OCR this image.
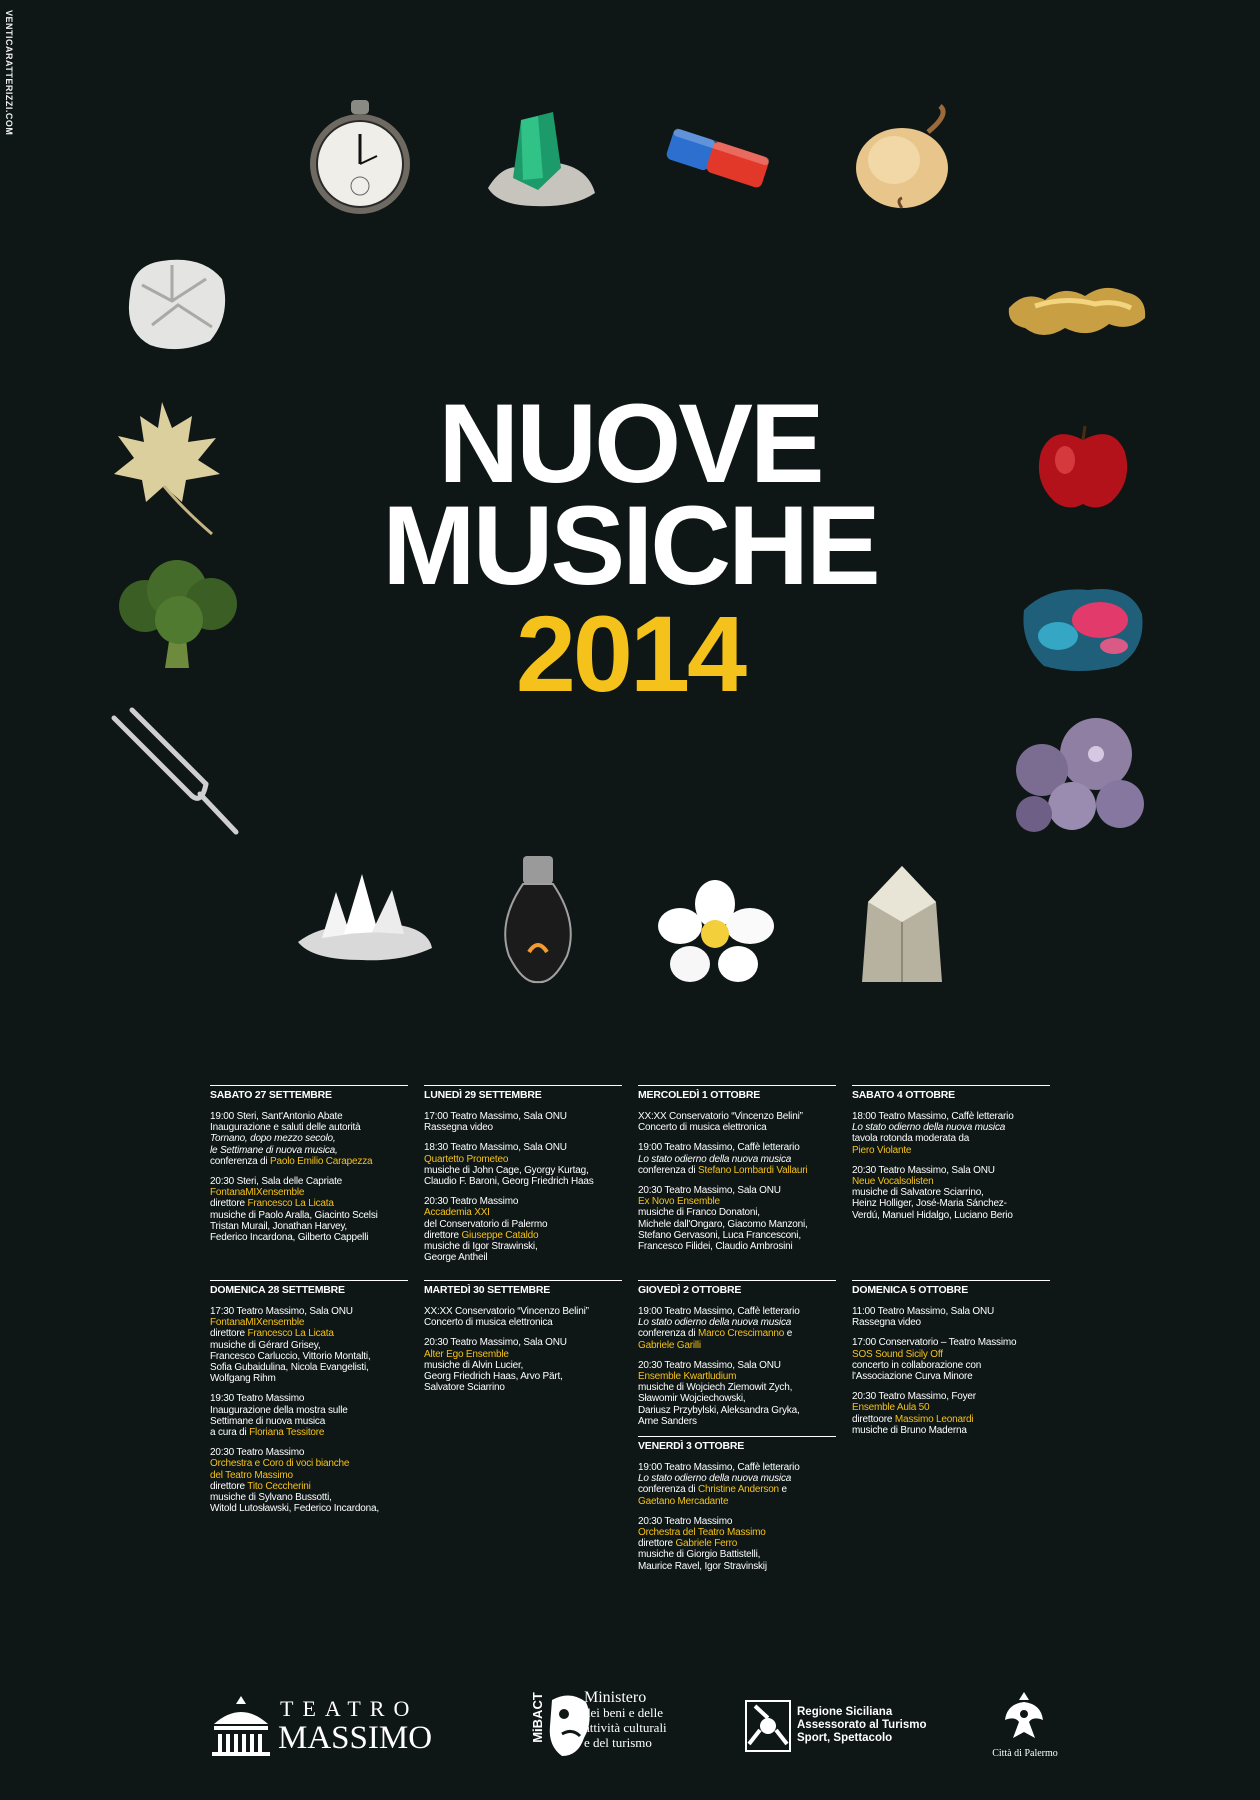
VENTICARATTERIZZI.COM
NUOVE
MUSICHE
2014
SABATO 27 SETTEMBRE
19:00 Steri, Sant'Antonio Abate
Inaugurazione e saluti delle autorità
Tornano, dopo mezzo secolo,
le Settimane di nuova musica,
conferenza di Paolo Emilio Carapezza
20:30 Steri, Sala delle Capriate
FontanaMIXensemble
direttore Francesco La Licata
musiche di Paolo Aralla, Giacinto Scelsi
Tristan Murail, Jonathan Harvey,
Federico Incardona, Gilberto Cappelli
DOMENICA 28 SETTEMBRE
17:30 Teatro Massimo, Sala ONU
FontanaMIXensemble
direttore Francesco La Licata
musiche di Gérard Grisey,
Francesco Carluccio, Vittorio Montalti,
Sofia Gubaidulina, Nicola Evangelisti,
Wolfgang Rihm
19:30 Teatro Massimo
Inaugurazione della mostra sulle
Settimane di nuova musica
a cura di Floriana Tessitore
20:30 Teatro Massimo
Orchestra e Coro di voci bianche
del Teatro Massimo
direttore Tito Ceccherini
musiche di Sylvano Bussotti,
Witold Lutosławski, Federico Incardona,
LUNEDÌ 29 SETTEMBRE
17:00 Teatro Massimo, Sala ONU
Rassegna video
18:30 Teatro Massimo, Sala ONU
Quartetto Prometeo
musiche di John Cage, Gyorgy Kurtag,
Claudio F. Baroni, Georg Friedrich Haas
20:30 Teatro Massimo
Accademia XXI
del Conservatorio di Palermo
direttore Giuseppe Cataldo
musiche di Igor Strawinski,
George Antheil
MARTEDÌ 30 SETTEMBRE
XX:XX Conservatorio “Vincenzo Belini”
Concerto di musica elettronica
20:30 Teatro Massimo, Sala ONU
Alter Ego Ensemble
musiche di Alvin Lucier,
Georg Friedrich Haas, Arvo Pärt,
Salvatore Sciarrino
MERCOLEDÌ 1 OTTOBRE
XX:XX Conservatorio “Vincenzo Belini”
Concerto di musica elettronica
19:00 Teatro Massimo, Caffè letterario
Lo stato odierno della nuova musica
conferenza di Stefano Lombardi Vallauri
20:30 Teatro Massimo, Sala ONU
Ex Novo Ensemble
musiche di Franco Donatoni,
Michele dall'Ongaro, Giacomo Manzoni,
Stefano Gervasoni, Luca Francesconi,
Francesco Filidei, Claudio Ambrosini
GIOVEDÌ 2 OTTOBRE
19:00 Teatro Massimo, Caffè letterario
Lo stato odierno della nuova musica
conferenza di Marco Crescimanno e
Gabriele Garilli
20:30 Teatro Massimo, Sala ONU
Ensemble Kwartludium
musiche di Wojciech Ziemowit Zych,
Sławomir Wojciechowski,
Dariusz Przybylski, Aleksandra Gryka,
Arne Sanders
VENERDÌ 3 OTTOBRE
19:00 Teatro Massimo, Caffè letterario
Lo stato odierno della nuova musica
conferenza di Christine Anderson e
Gaetano Mercadante
20:30 Teatro Massimo
Orchestra del Teatro Massimo
direttore Gabriele Ferro
musiche di Giorgio Battistelli,
Maurice Ravel, Igor Stravinskij
SABATO 4 OTTOBRE
18:00 Teatro Massimo, Caffè letterario
Lo stato odierno della nuova musica
tavola rotonda moderata da
Piero Violante
20:30 Teatro Massimo, Sala ONU
Neue Vocalsolisten
musiche di Salvatore Sciarrino,
Heinz Holliger, José-Maria Sánchez-
Verdú, Manuel Hidalgo, Luciano Berio
DOMENICA 5 OTTOBRE
11:00 Teatro Massimo, Sala ONU
Rassegna video
17:00 Conservatorio – Teatro Massimo
SOS Sound Sicily Off
concerto in collaborazione con
l'Associazione Curva Minore
20:30 Teatro Massimo, Foyer
Ensemble Aula 50
direttoore Massimo Leonardi
musiche di Bruno Maderna
TEATRO
MASSIMO	MiBACT Ministero
dei beni e delle
attività culturali
e del turismo
Regione Siciliana
Assessorato al Turismo
Sport, Spettacolo
Città di Palermo
